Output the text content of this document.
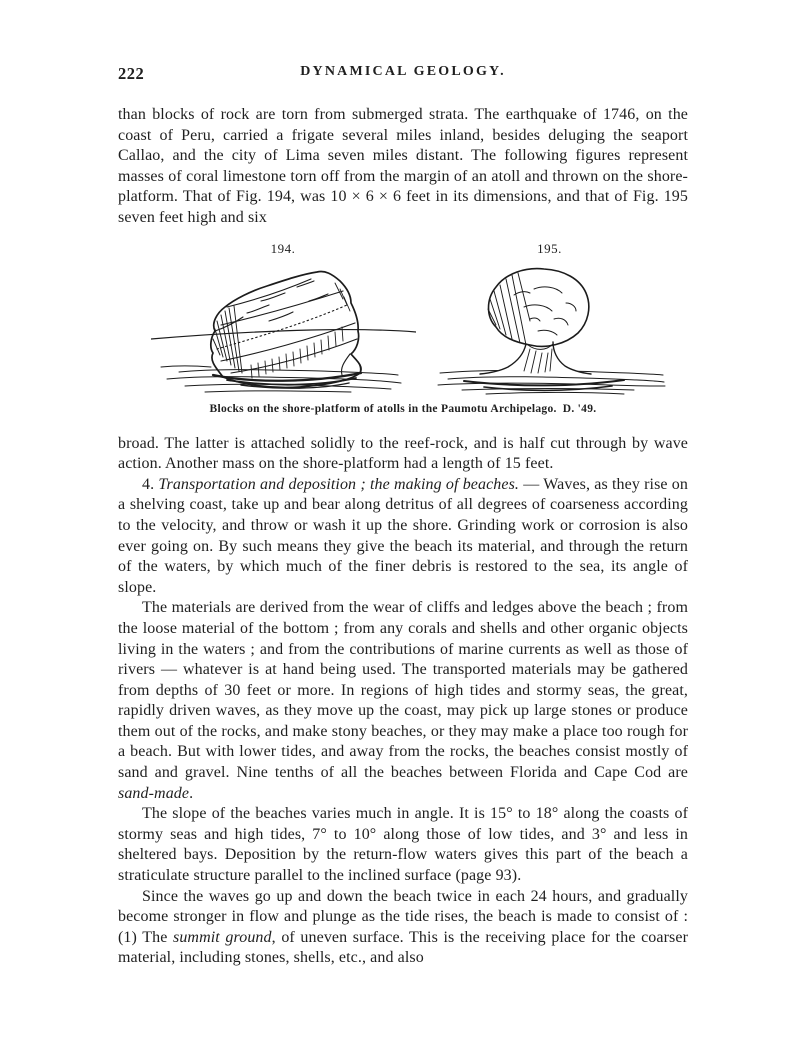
222	DYNAMICAL GEOLOGY.

than blocks of rock are torn from submerged strata. The earthquake of 1746, on the coast of Peru, carried a frigate several miles inland, besides deluging the seaport Callao, and the city of Lima seven miles distant. The following figures represent masses of coral limestone torn off from the margin of an atoll and thrown on the shore-platform. That of Fig. 194, was 10 × 6 × 6 feet in its dimensions, and that of Fig. 195 seven feet high and six

194.	195.
Blocks on the shore-platform of atolls in the Paumotu Archipelago. D. '49.

broad. The latter is attached solidly to the reef-rock, and is half cut through by wave action. Another mass on the shore-platform had a length of 15 feet.

4. Transportation and deposition ; the making of beaches. — Waves, as they rise on a shelving coast, take up and bear along detritus of all degrees of coarseness according to the velocity, and throw or wash it up the shore. Grinding work or corrosion is also ever going on. By such means they give the beach its material, and through the return of the waters, by which much of the finer debris is restored to the sea, its angle of slope.

The materials are derived from the wear of cliffs and ledges above the beach ; from the loose material of the bottom ; from any corals and shells and other organic objects living in the waters ; and from the contributions of marine currents as well as those of rivers — whatever is at hand being used. The transported materials may be gathered from depths of 30 feet or more. In regions of high tides and stormy seas, the great, rapidly driven waves, as they move up the coast, may pick up large stones or produce them out of the rocks, and make stony beaches, or they may make a place too rough for a beach. But with lower tides, and away from the rocks, the beaches consist mostly of sand and gravel. Nine tenths of all the beaches between Florida and Cape Cod are sand-made.

The slope of the beaches varies much in angle. It is 15° to 18° along the coasts of stormy seas and high tides, 7° to 10° along those of low tides, and 3° and less in sheltered bays. Deposition by the return-flow waters gives this part of the beach a straticulate structure parallel to the inclined surface (page 93).

Since the waves go up and down the beach twice in each 24 hours, and gradually become stronger in flow and plunge as the tide rises, the beach is made to consist of : (1) The summit ground, of uneven surface. This is the receiving place for the coarser material, including stones, shells, etc., and also
